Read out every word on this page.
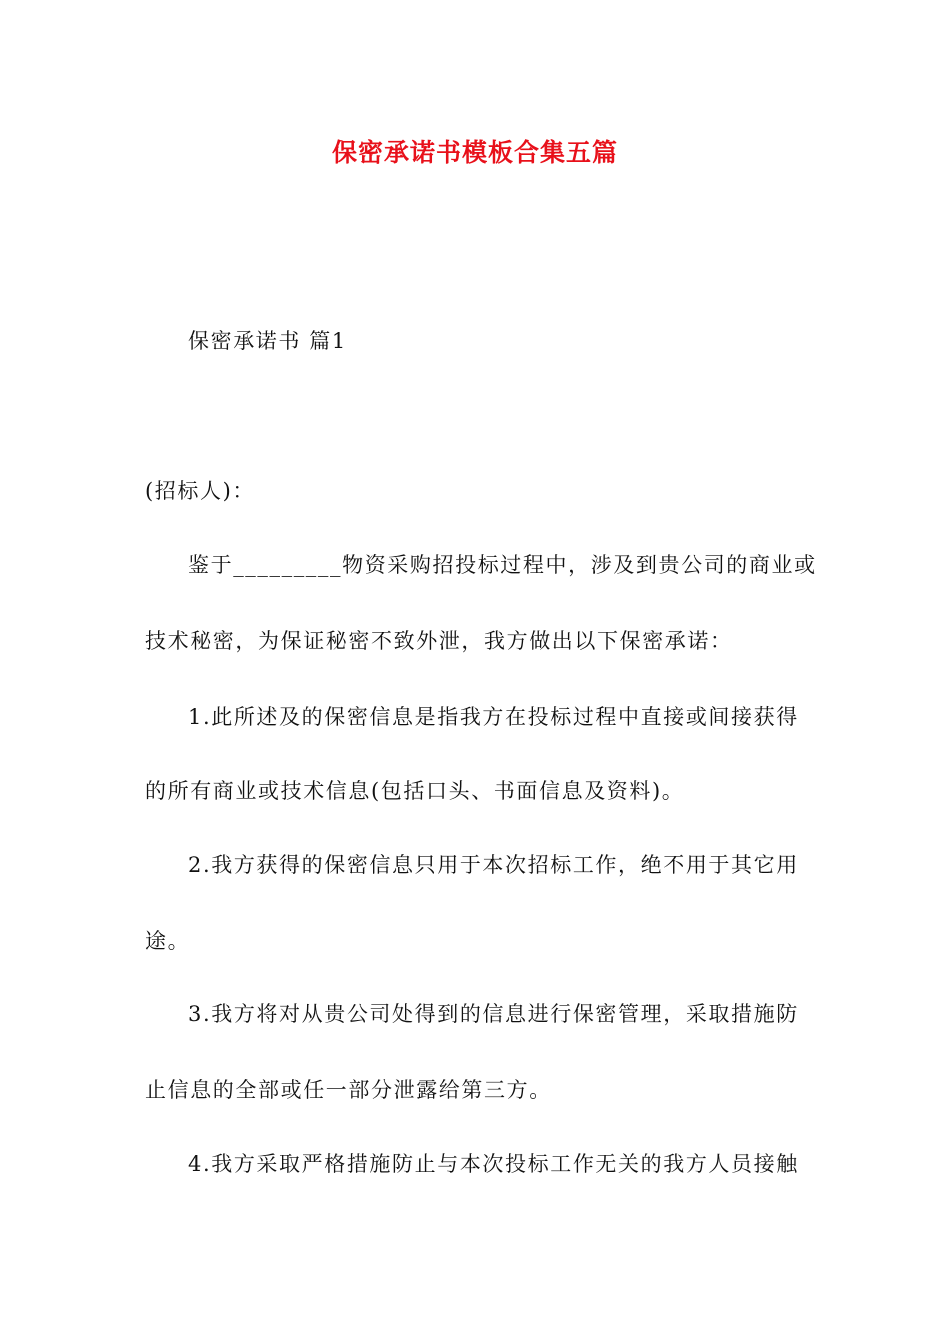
保密承诺书模板合集五篇
保密承诺书 篇1
(招标人)：
鉴于_________物资采购招投标过程中，涉及到贵公司的商业或
技术秘密，为保证秘密不致外泄，我方做出以下保密承诺：
1.此所述及的保密信息是指我方在投标过程中直接或间接获得
的所有商业或技术信息(包括口头、书面信息及资料)。
2.我方获得的保密信息只用于本次招标工作，绝不用于其它用
途。
3.我方将对从贵公司处得到的信息进行保密管理，采取措施防
止信息的全部或任一部分泄露给第三方。
4.我方采取严格措施防止与本次投标工作无关的我方人员接触
